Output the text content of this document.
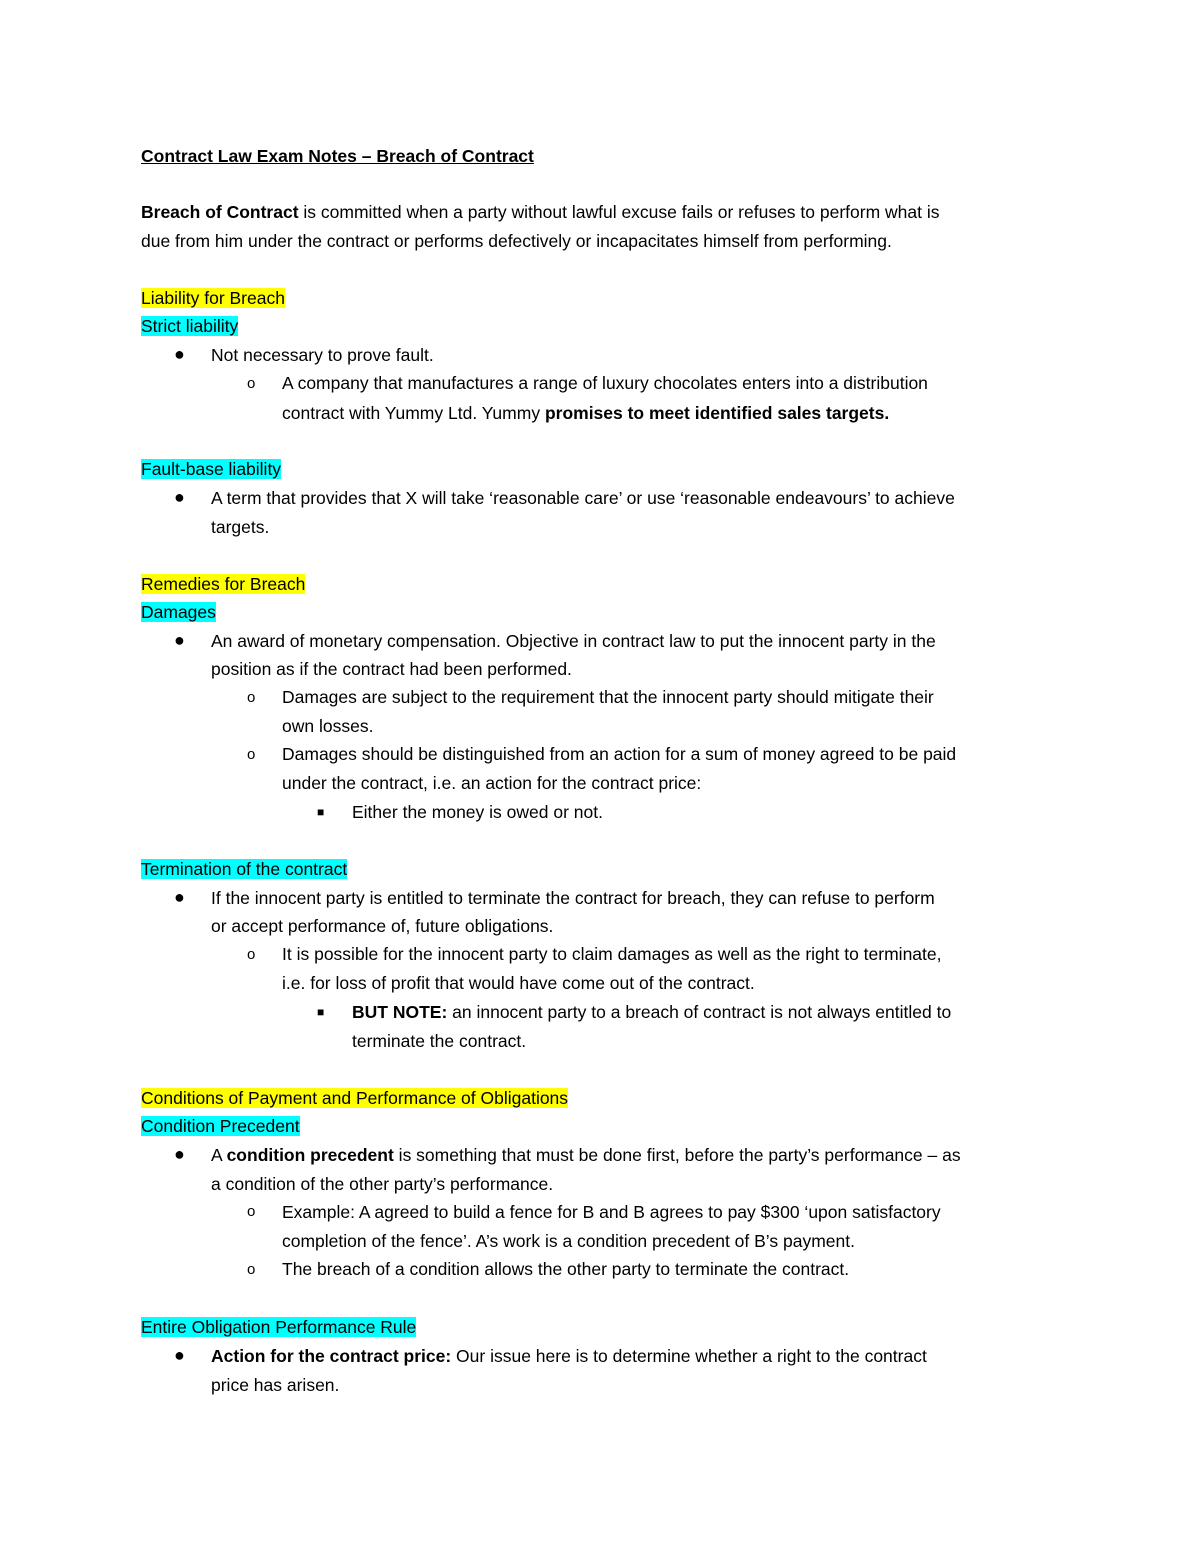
Contract Law Exam Notes – Breach of Contract
Breach of Contract is committed when a party without lawful excuse fails or refuses to perform what is
due from him under the contract or performs defectively or incapacitates himself from performing.
Liability for Breach
Strict liability
● Not necessary to prove fault.
o A company that manufactures a range of luxury chocolates enters into a distribution
contract with Yummy Ltd. Yummy promises to meet identified sales targets.
Fault-base liability
● A term that provides that X will take ‘reasonable care’ or use ‘reasonable endeavours’ to achieve
targets.
Remedies for Breach
Damages
● An award of monetary compensation. Objective in contract law to put the innocent party in the
position as if the contract had been performed.
o Damages are subject to the requirement that the innocent party should mitigate their
own losses.
o Damages should be distinguished from an action for a sum of money agreed to be paid
under the contract, i.e. an action for the contract price:
■ Either the money is owed or not.
Termination of the contract
● If the innocent party is entitled to terminate the contract for breach, they can refuse to perform
or accept performance of, future obligations.
o It is possible for the innocent party to claim damages as well as the right to terminate,
i.e. for loss of profit that would have come out of the contract.
■ BUT NOTE: an innocent party to a breach of contract is not always entitled to
terminate the contract.
Conditions of Payment and Performance of Obligations
Condition Precedent
● A condition precedent is something that must be done first, before the party’s performance – as
a condition of the other party’s performance.
o Example: A agreed to build a fence for B and B agrees to pay $300 ‘upon satisfactory
completion of the fence’. A’s work is a condition precedent of B’s payment.
o The breach of a condition allows the other party to terminate the contract.
Entire Obligation Performance Rule
● Action for the contract price: Our issue here is to determine whether a right to the contract
price has arisen.
